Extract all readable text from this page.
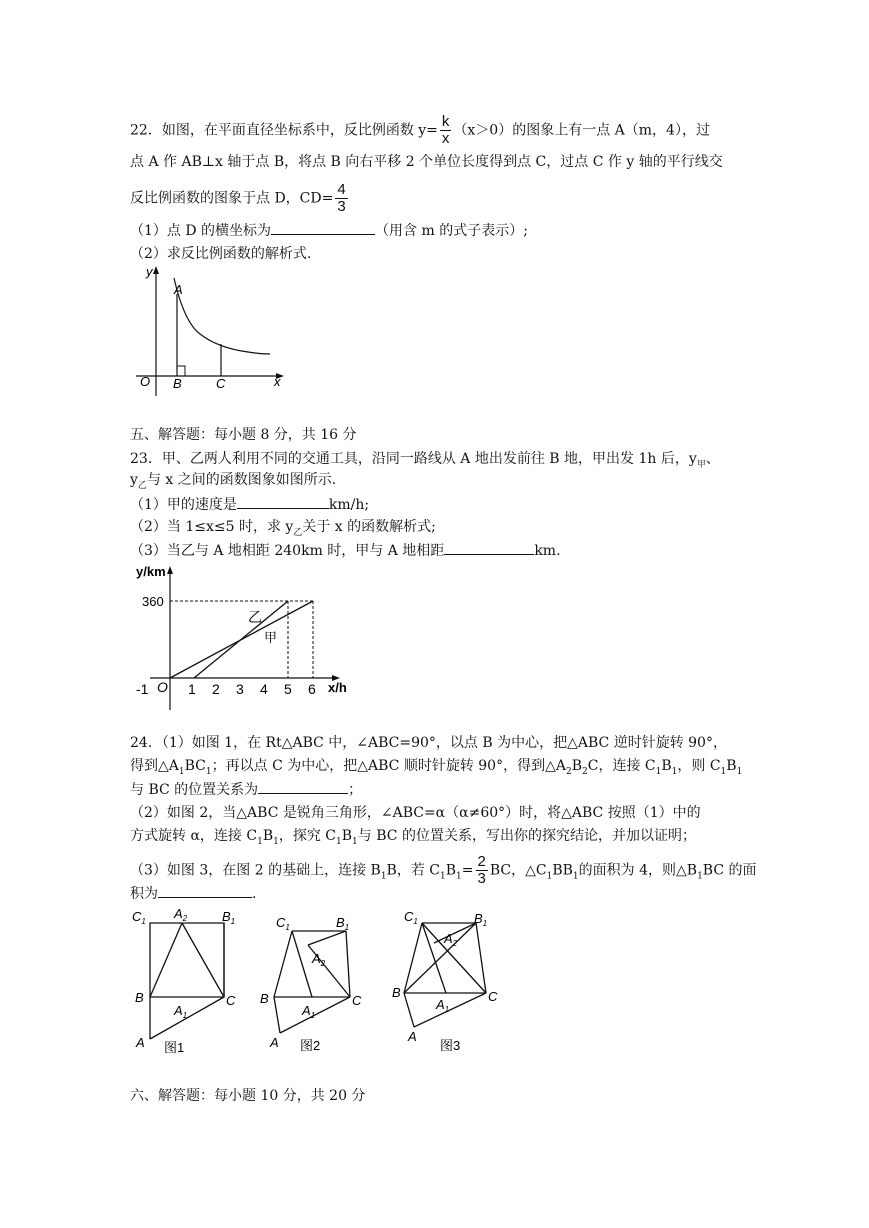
22．如图，在平面直径坐标系中，反比例函数 $y= \frac{k}{x} (x>0)$的图象上有一点 A（m，4），过
点 A 作 AB⊥x 轴于点 B，将点 B 向右平移 2 个单位长度得到点 C，过点 C 作 y 轴的平行线交
反比例函数的图象于点 D，$CD= \frac{4}{3}$
（1）点 D 的横坐标为	（用含 m 的式子表示）;
（2）求反比例函数的解析式.
y
A
O B	C	x
五、解答题：每小题 8 分，共 16 分
23．甲、乙两人利用不同的交通工具，沿同一路线从 A 地出发前往 B 地，甲出发 1h 后，$y_甲$、
$y_乙$与 x 之间的函数图象如图所示.
（1）甲的速度是	km/h;
（2）当 1≤x≤5 时，求 $y_乙$关于 x 的函数解析式;
（3）当乙与 A 地相距 240km 时，甲与 A 地相距	km.
y/km
x/h
360
-1 O 1 2 3 4 5 6
乙
甲
24．（1）如图 1，在 Rt△ABC 中，∠ABC=90°，以点 B 为中心，把△ABC 逆时针旋转 90°，
得到$\triangle A_1BC_1$；再以点 C 为中心，把△ABC 顺时针旋转 90°，得到$\triangle A_2B_2C$，连接 $C_1B_1$，则 $C_1B_1$
与 BC 的位置关系为	；
（2）如图 2，当△ABC 是锐角三角形，∠ABC=α（α≠60°）时，将△ABC 按照（1）中的
方式旋转 α，连接 $C_1B_1$，探究 $C_1B_1$与 BC 的位置关系，写出你的探究结论，并加以证明；
（3）如图 3，在图 2 的基础上，连接 $B_1B$，若 $C_1B_1= \frac{2}{3}$ BC，$\triangle C_1BB_1$的面积为 4，则$\triangle B_1BC$ 的面
积为	.
$C_1$
$A_2$	$B_1$
B
$A_1$
C
A 图1
$C_1$	$B_1$
$A_2$
B
$A_1$
C
A 图2
$C_1$	$B_1$
$A_2$
B
$A_1$
C
A
图3
六、解答题：每小题 10 分，共 20 分
